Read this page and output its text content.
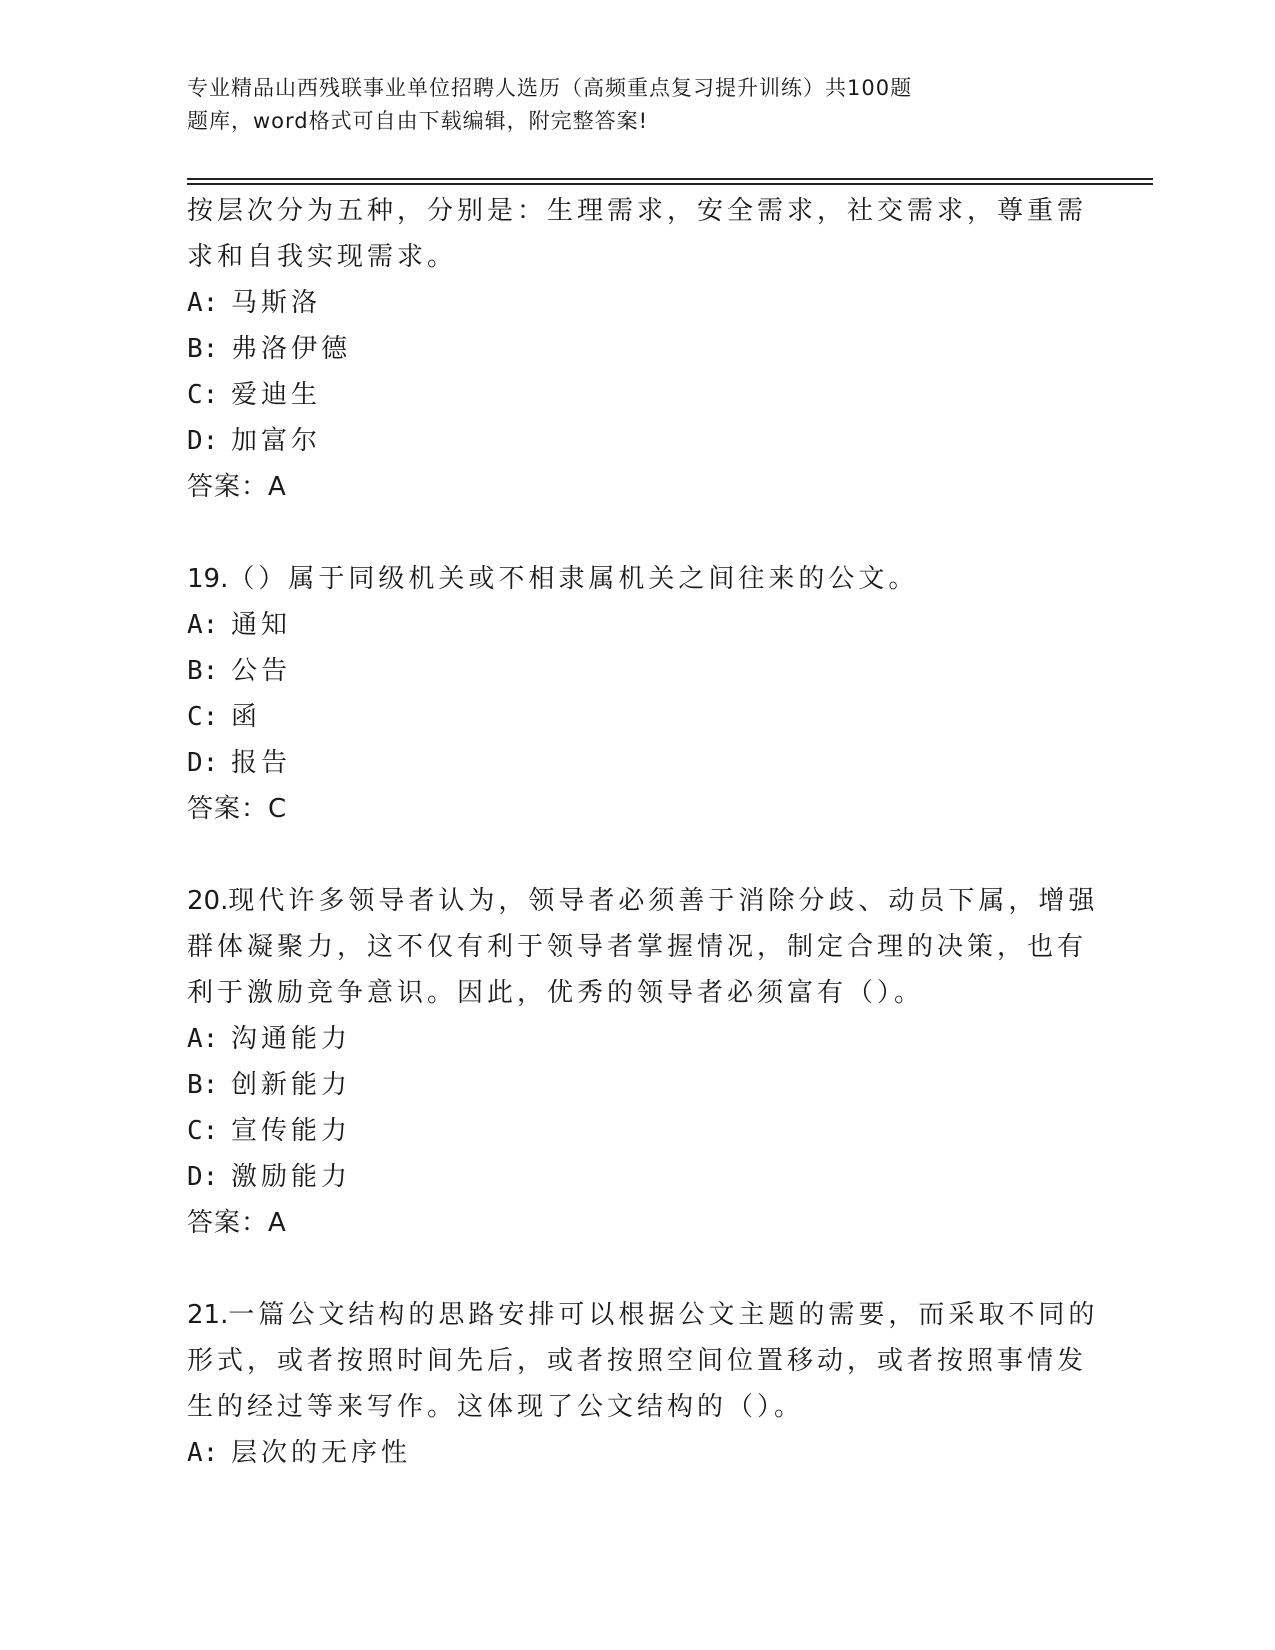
专业精品山西残联事业单位招聘人选历（高频重点复习提升训练）共100题
题库，word格式可自由下载编辑，附完整答案!
按层次分为五种，分别是：生理需求，安全需求，社交需求，尊重需
求和自我实现需求。
A: 马斯洛
B: 弗洛伊德
C: 爱迪生
D: 加富尔
答案：A
19.（）属于同级机关或不相隶属机关之间往来的公文。
A: 通知
B: 公告
C: 函
D: 报告
答案：C
20.现代许多领导者认为，领导者必须善于消除分歧、动员下属，增强
群体凝聚力，这不仅有利于领导者掌握情况，制定合理的决策，也有
利于激励竞争意识。因此，优秀的领导者必须富有（）。
A: 沟通能力
B: 创新能力
C: 宣传能力
D: 激励能力
答案：A
21.一篇公文结构的思路安排可以根据公文主题的需要，而采取不同的
形式，或者按照时间先后，或者按照空间位置移动，或者按照事情发
生的经过等来写作。这体现了公文结构的（）。
A: 层次的无序性
